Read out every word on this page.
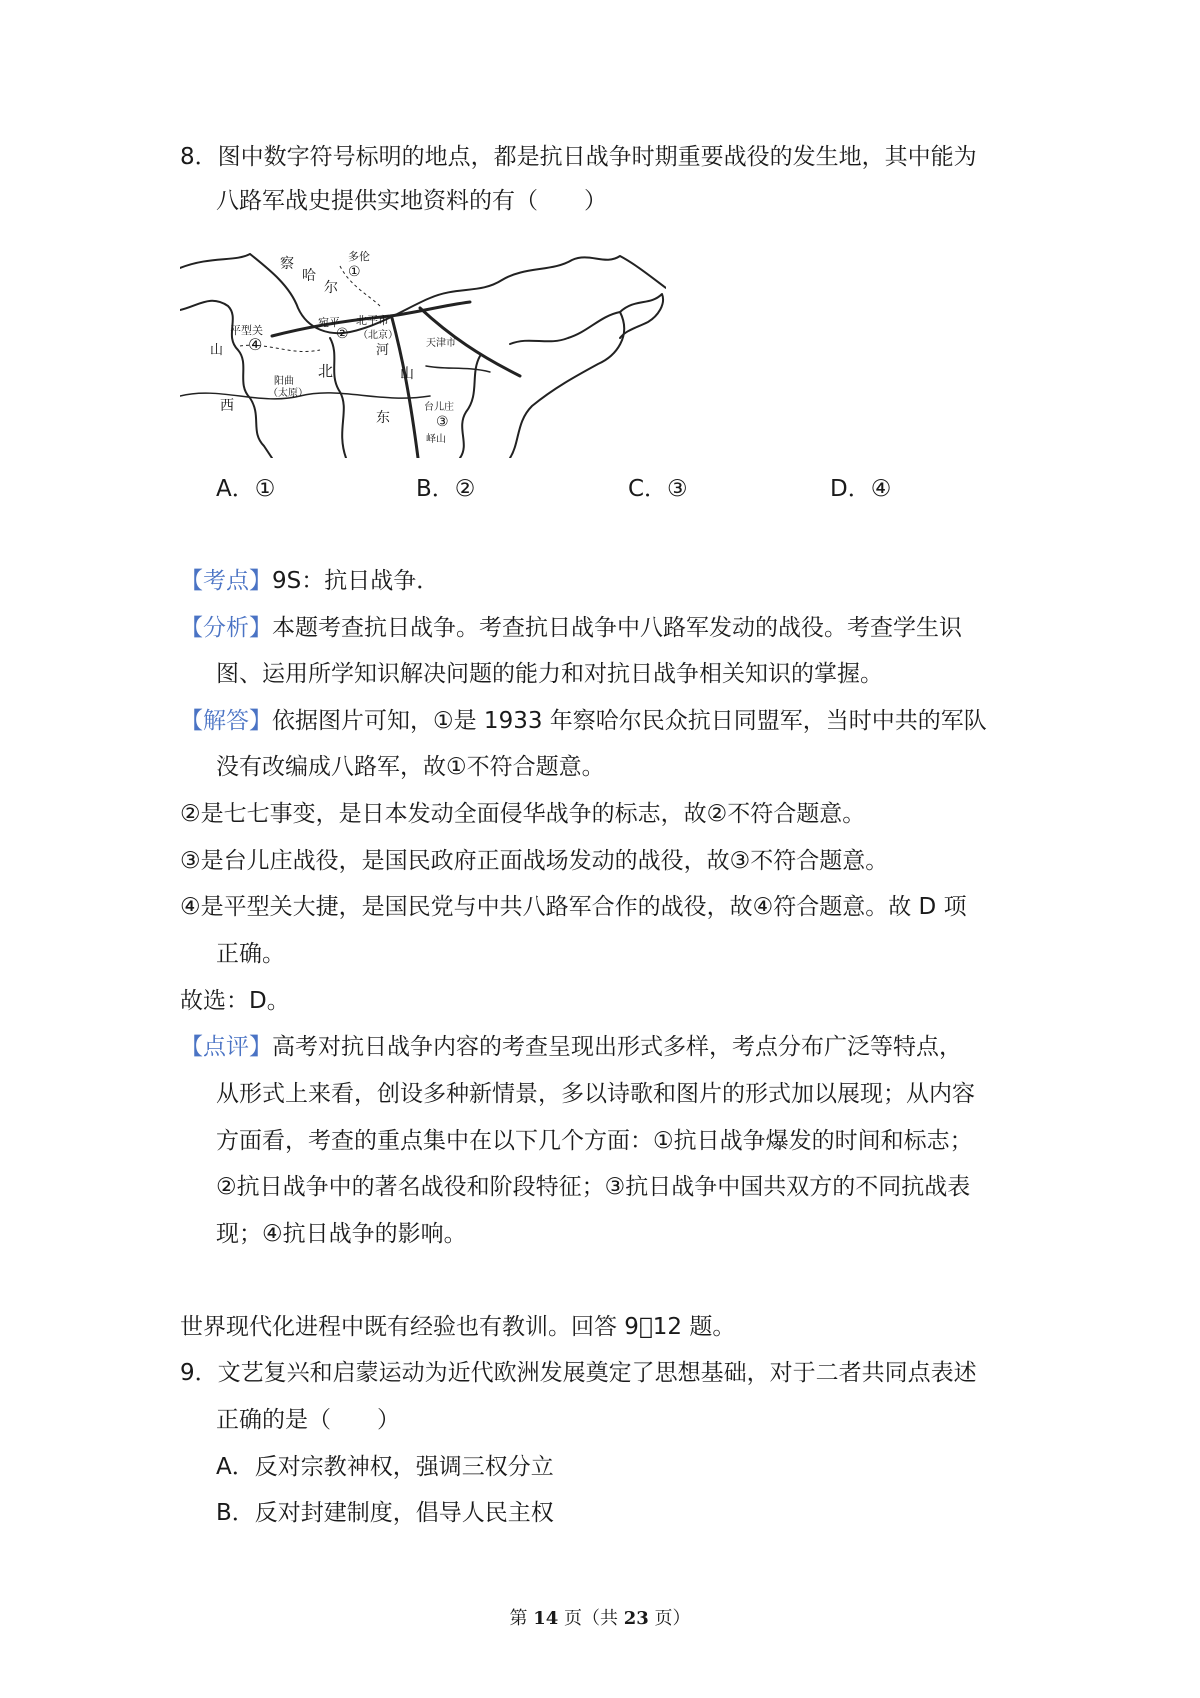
8．图中数字符号标明的地点，都是抗日战争时期重要战役的发生地，其中能为
八路军战史提供实地资料的有（　　）
察
哈
尔
多伦
①
平型关
④
宛平
②
北平市
（北京）
天津市
河
北
山
西
阳曲
（太原）
山
东
台儿庄
③
峄山
A．①	B．②	C．③	D．④
【考点】9S：抗日战争．
【分析】本题考查抗日战争。考查抗日战争中八路军发动的战役。考查学生识
图、运用所学知识解决问题的能力和对抗日战争相关知识的掌握。
【解答】依据图片可知，①是 1933 年察哈尔民众抗日同盟军，当时中共的军队
没有改编成八路军，故①不符合题意。
②是七七事变，是日本发动全面侵华战争的标志，故②不符合题意。
③是台儿庄战役，是国民政府正面战场发动的战役，故③不符合题意。
④是平型关大捷，是国民党与中共八路军合作的战役，故④符合题意。故 D 项
正确。
故选：D。
【点评】高考对抗日战争内容的考查呈现出形式多样，考点分布广泛等特点，
从形式上来看，创设多种新情景，多以诗歌和图片的形式加以展现；从内容
方面看，考查的重点集中在以下几个方面：①抗日战争爆发的时间和标志；
②抗日战争中的著名战役和阶段特征；③抗日战争中国共双方的不同抗战表
现；④抗日战争的影响。
世界现代化进程中既有经验也有教训。回答 9􏰀12 题。
9．文艺复兴和启蒙运动为近代欧洲发展奠定了思想基础，对于二者共同点表述
正确的是（　　）
A．反对宗教神权，强调三权分立
B．反对封建制度，倡导人民主权
第 14 页（共 23 页）
